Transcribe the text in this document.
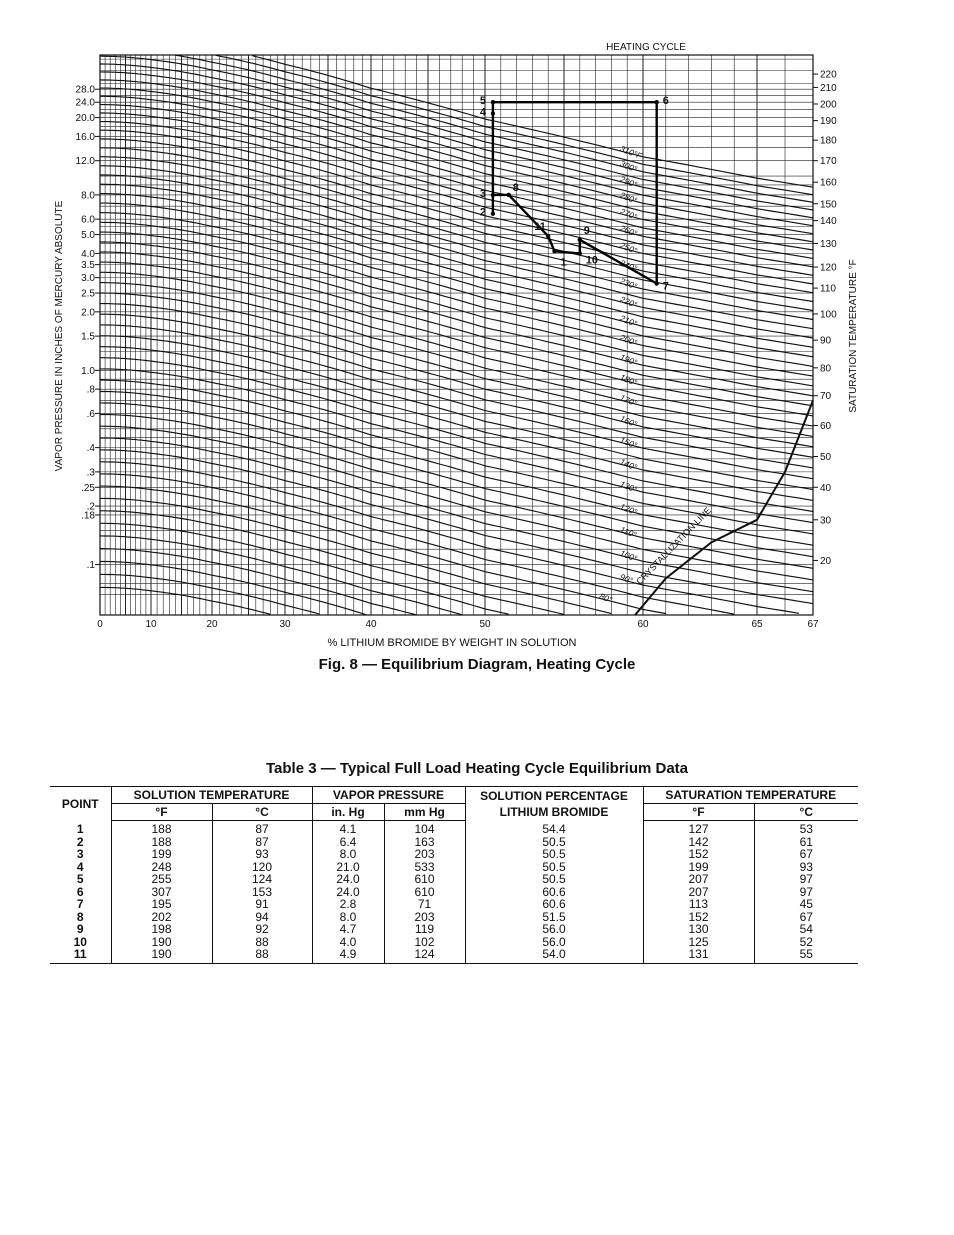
HEATING CYCLE
CRYSTALLIZATION LINE
1
2
3
4
5	6
7
8
9
10
11
310°F
300°
290°
280°
270°
260°
250°
240°
230°
220°
210°
200°
190°
180°
170°
160°
150°
140°
130°
120°
110°
100°
90°
80°
0	10	20	30	40	50	60	65	67
28.0
24.0
20.0
16.0
12.0
8.0
6.0
5.0
4.0
3.5
3.0
2.5
2.0
1.5
1.0
.8
.6
.4
.3
.25
.2
.18
.1
220
210
200
190
180
170
160
150
140
130
120
110
100
90
80
70
60
50
40
30
20
% LITHIUM BROMIDE BY WEIGHT IN SOLUTION
VAPOR PRESSURE IN INCHES OF MERCURY ABSOLUTE	SATURATION TEMPERATURE °F
Fig. 8 — Equilibrium Diagram, Heating Cycle
Table 3 — Typical Full Load Heating Cycle Equilibrium Data
POINT	SOLUTION TEMPERATURE		VAPOR PRESSURE		SOLUTION PERCENTAGE
LITHIUM BROMIDE	SATURATION TEMPERATURE	
	°F	°C	in. Hg	mm Hg		°F	°C
1	188	87	4.1	104	54.4	127	53
2	188	87	6.4	163	50.5	142	61
3	199	93	8.0	203	50.5	152	67
4	248	120	21.0	533	50.5	199	93
5	255	124	24.0	610	50.5	207	97
6	307	153	24.0	610	60.6	207	97
7	195	91	2.8	71	60.6	113	45
8	202	94	8.0	203	51.5	152	67
9	198	92	4.7	119	56.0	130	54
10	190	88	4.0	102	56.0	125	52
11	190	88	4.9	124	54.0	131	55
